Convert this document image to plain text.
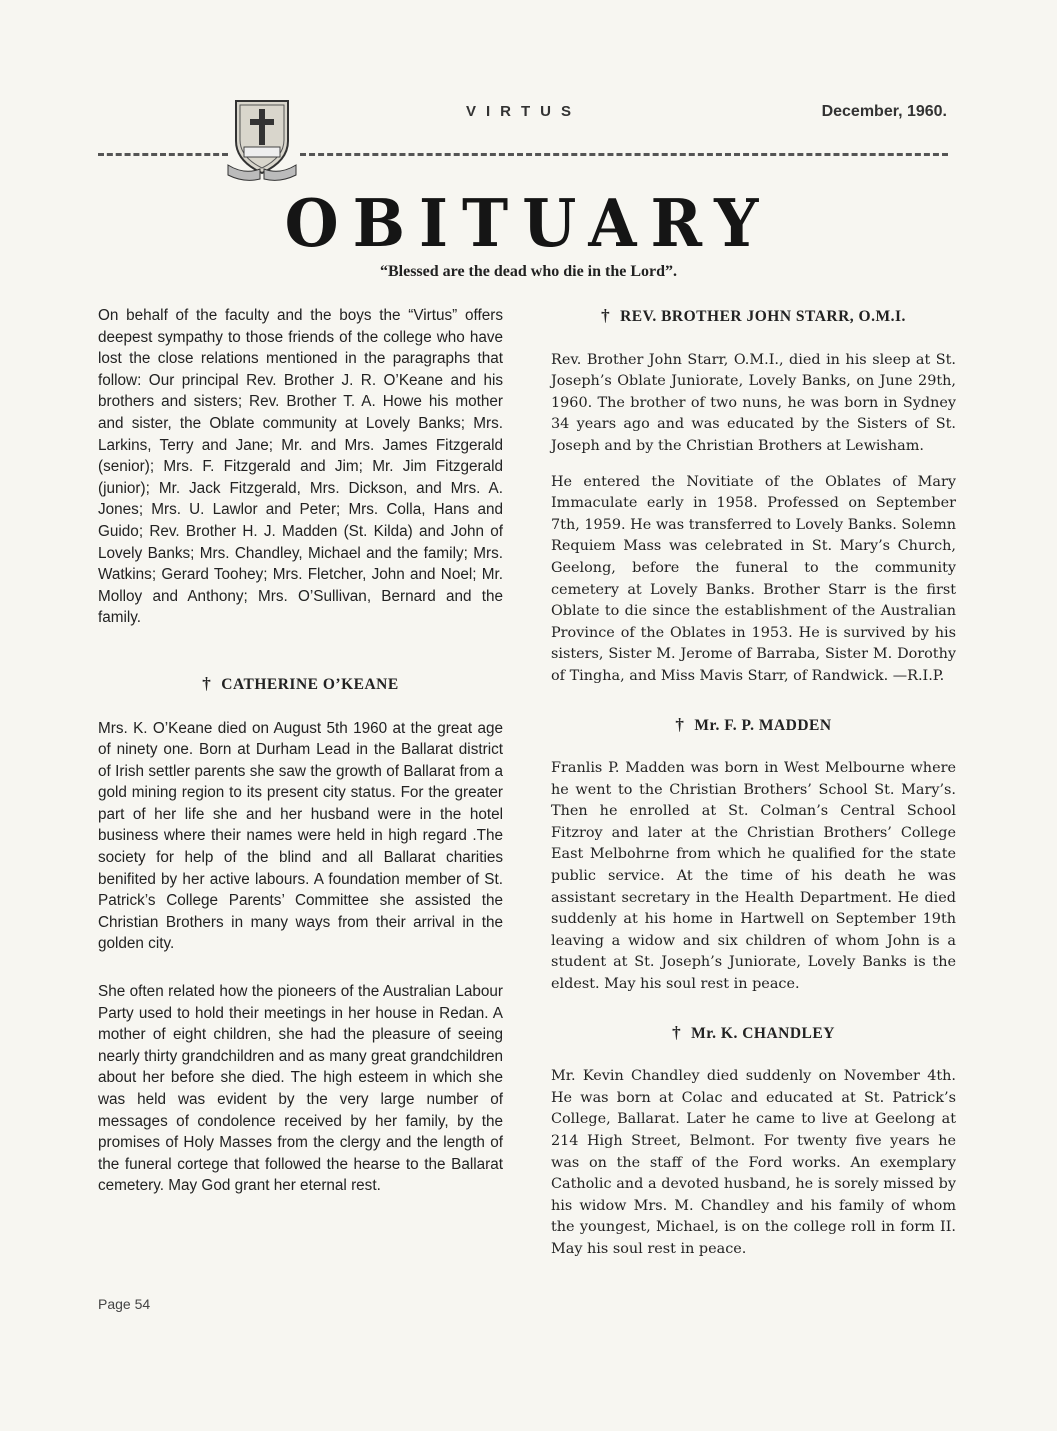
VIRTUS	December, 1960.
OBITUARY
“Blessed are the dead who die in the Lord”.

On behalf of the faculty and the boys the “Virtus” offers deepest sympathy to those friends of the college who have lost the close relations mentioned in the paragraphs that follow: Our principal Rev. Brother J. R. O’Keane and his brothers and sisters; Rev. Brother T. A. Howe his mother and sister, the Oblate community at Lovely Banks; Mrs. Larkins, Terry and Jane; Mr. and Mrs. James Fitzgerald (senior); Mrs. F. Fitzgerald and Jim; Mr. Jim Fitzgerald (junior); Mr. Jack Fitzgerald, Mrs. Dickson, and Mrs. A. Jones; Mrs. U. Lawlor and Peter; Mrs. Colla, Hans and Guido; Rev. Brother H. J. Madden (St. Kilda) and John of Lovely Banks; Mrs. Chandley, Michael and the family; Mrs. Watkins; Gerard Toohey; Mrs. Fletcher, John and Noel; Mr. Molloy and Anthony; Mrs. O’Sullivan, Bernard and the family.

† CATHERINE O’KEANE

Mrs. K. O’Keane died on August 5th 1960 at the great age of ninety one. Born at Durham Lead in the Ballarat district of Irish settler parents she saw the growth of Ballarat from a gold mining region to its present city status. For the greater part of her life she and her husband were in the hotel business where their names were held in high regard .The society for help of the blind and all Ballarat charities benifited by her active labours. A foundation member of St. Patrick’s College Parents’ Committee she assisted the Christian Brothers in many ways from their arrival in the golden city.

She often related how the pioneers of the Australian Labour Party used to hold their meetings in her house in Redan. A mother of eight children, she had the pleasure of seeing nearly thirty grandchildren and as many great grandchildren about her before she died. The high esteem in which she was held was evident by the very large number of messages of condolence received by her family, by the promises of Holy Masses from the clergy and the length of the funeral cortege that followed the hearse to the Ballarat cemetery. May God grant her eternal rest.

† REV. BROTHER JOHN STARR, O.M.I.

Rev. Brother John Starr, O.M.I., died in his sleep at St. Joseph’s Oblate Juniorate, Lovely Banks, on June 29th, 1960. The brother of two nuns, he was born in Sydney 34 years ago and was educated by the Sisters of St. Joseph and by the Christian Brothers at Lewisham.

He entered the Novitiate of the Oblates of Mary Immaculate early in 1958. Professed on September 7th, 1959. He was transferred to Lovely Banks. Solemn Requiem Mass was celebrated in St. Mary’s Church, Geelong, before the funeral to the community cemetery at Lovely Banks. Brother Starr is the first Oblate to die since the establishment of the Australian Province of the Oblates in 1953. He is survived by his sisters, Sister M. Jerome of Barraba, Sister M. Dorothy of Tingha, and Miss Mavis Starr, of Randwick. —R.I.P.

† Mr. F. P. MADDEN

Franlis P. Madden was born in West Melbourne where he went to the Christian Brothers’ School St. Mary’s. Then he enrolled at St. Colman’s Central School Fitzroy and later at the Christian Brothers’ College East Melbohrne from which he qualified for the state public service. At the time of his death he was assistant secretary in the Health Department. He died suddenly at his home in Hartwell on September 19th leaving a widow and six children of whom John is a student at St. Joseph’s Juniorate, Lovely Banks is the eldest. May his soul rest in peace.

† Mr. K. CHANDLEY

Mr. Kevin Chandley died suddenly on November 4th. He was born at Colac and educated at St. Patrick’s College, Ballarat. Later he came to live at Geelong at 214 High Street, Belmont. For twenty five years he was on the staff of the Ford works. An exemplary Catholic and a devoted husband, he is sorely missed by his widow Mrs. M. Chandley and his family of whom the youngest, Michael, is on the college roll in form II. May his soul rest in peace.

Page 54
